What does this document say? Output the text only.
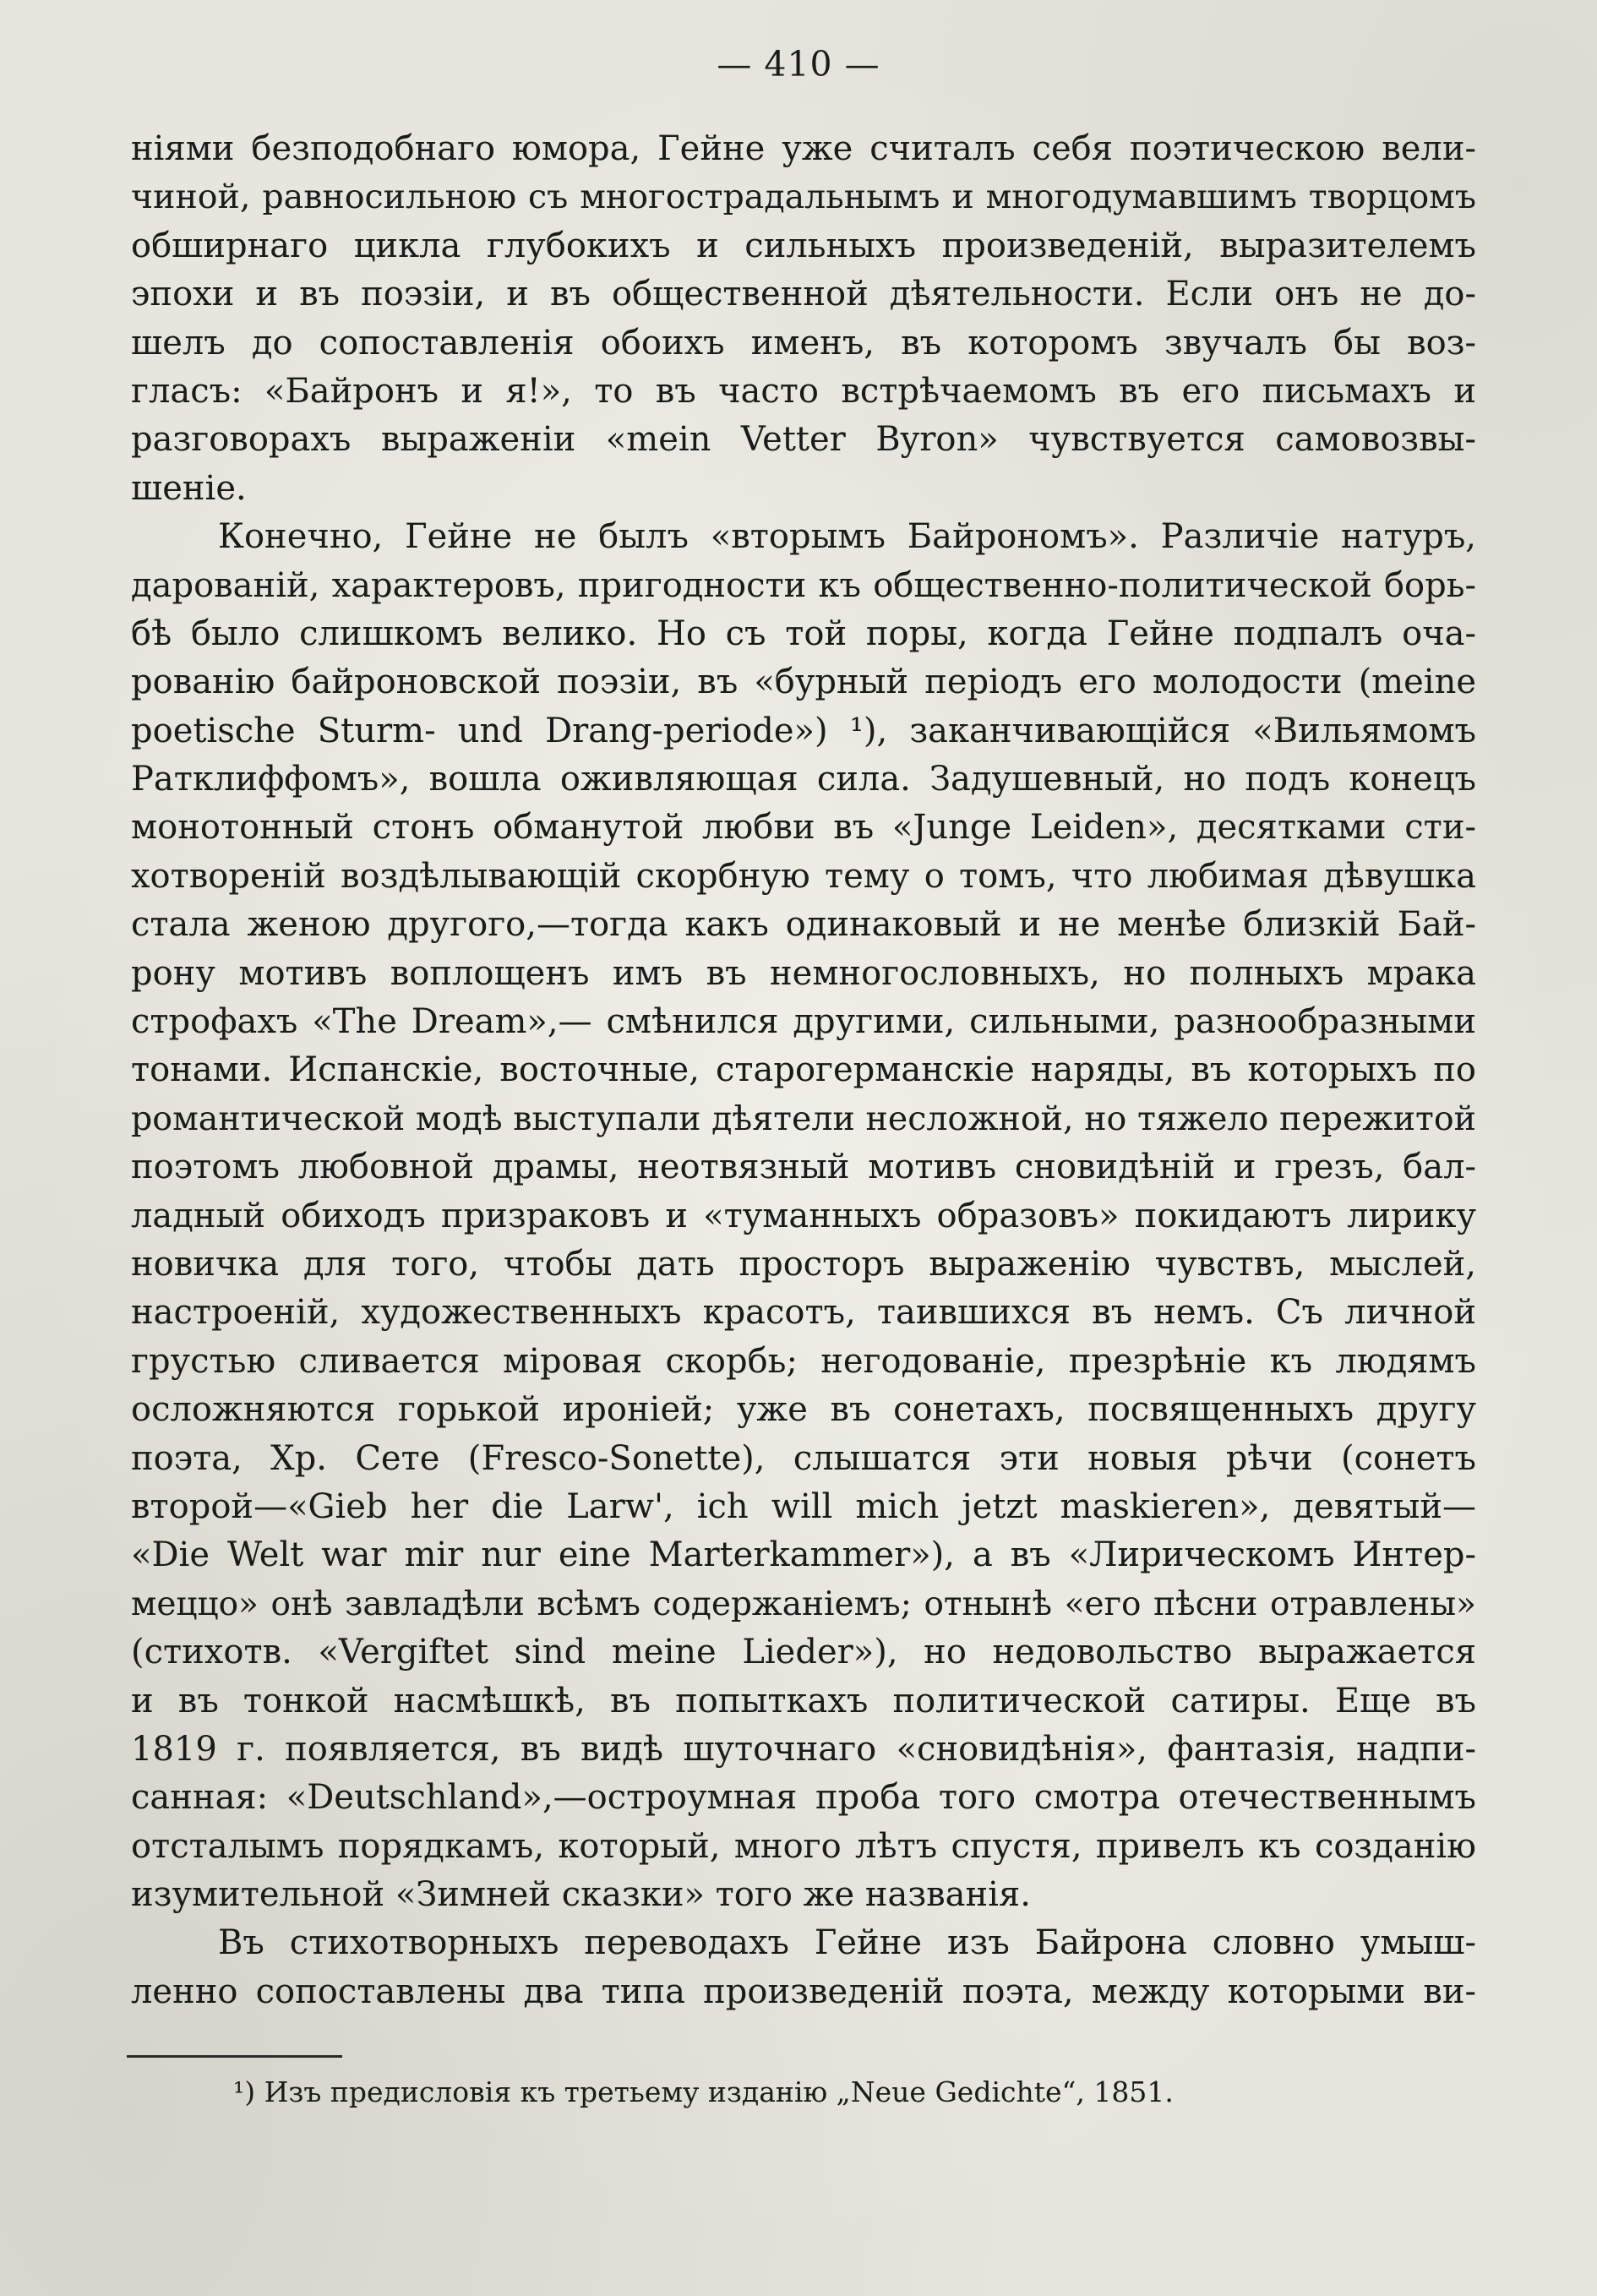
— 410 —
ніями безподобнаго юмора, Гейне уже считалъ себя поэтическою вели-
чиной, равносильною съ многострадальнымъ и многодумавшимъ творцомъ
обширнаго цикла глубокихъ и сильныхъ произведеній, выразителемъ
эпохи и въ поэзіи, и въ общественной дѣятельности. Если онъ не до-
шелъ до сопоставленія обоихъ именъ, въ которомъ звучалъ бы воз-
гласъ: «Байронъ и я!», то въ часто встрѣчаемомъ въ его письмахъ и
разговорахъ выраженіи «mein Vetter Byron» чувствуется самовозвы-
шеніе.
Конечно, Гейне не былъ «вторымъ Байрономъ». Различіе натуръ,
дарованій, характеровъ, пригодности къ общественно-политической борь-
бѣ было слишкомъ велико. Но съ той поры, когда Гейне подпалъ оча-
рованію байроновской поэзіи, въ «бурный періодъ его молодости (meine
poetische Sturm- und Drang-periode») ¹), заканчивающійся «Вильямомъ
Ратклиффомъ», вошла оживляющая сила. Задушевный, но подъ конецъ
монотонный стонъ обманутой любви въ «Junge Leiden», десятками сти-
хотвореній воздѣлывающій скорбную тему о томъ, что любимая дѣвушка
стала женою другого,—тогда какъ одинаковый и не менѣе близкій Бай-
рону мотивъ воплощенъ имъ въ немногословныхъ, но полныхъ мрака
строфахъ «The Dream»,— смѣнился другими, сильными, разнообразными
тонами. Испанскіе, восточные, старогерманскіе наряды, въ которыхъ по
романтической модѣ выступали дѣятели несложной, но тяжело пережитой
поэтомъ любовной драмы, неотвязный мотивъ сновидѣній и грезъ, бал-
ладный обиходъ призраковъ и «туманныхъ образовъ» покидаютъ лирику
новичка для того, чтобы дать просторъ выраженію чувствъ, мыслей,
настроеній, художественныхъ красотъ, таившихся въ немъ. Съ личной
грустью сливается міровая скорбь; негодованіе, презрѣніе къ людямъ
осложняются горькой ироніей; уже въ сонетахъ, посвященныхъ другу
поэта, Хр. Сете (Fresco-Sonette), слышатся эти новыя рѣчи (сонетъ
второй—«Gieb her die Larw', ich will mich jetzt maskieren», девятый—
«Die Welt war mir nur eine Marterkammer»), а въ «Лирическомъ Интер-
меццо» онѣ завладѣли всѣмъ содержаніемъ; отнынѣ «его пѣсни отравлены»
(стихотв. «Vergiftet sind meine Lieder»), но недовольство выражается
и въ тонкой насмѣшкѣ, въ попыткахъ политической сатиры. Еще въ
1819 г. появляется, въ видѣ шуточнаго «сновидѣнія», фантазія, надпи-
санная: «Deutschland»,—остроумная проба того смотра отечественнымъ
отсталымъ порядкамъ, который, много лѣтъ спустя, привелъ къ созданію
изумительной «Зимней сказки» того же названія.
Въ стихотворныхъ переводахъ Гейне изъ Байрона словно умыш-
ленно сопоставлены два типа произведеній поэта, между которыми ви-
¹) Изъ предисловія къ третьему изданію „Neue Gedichte“, 1851.
